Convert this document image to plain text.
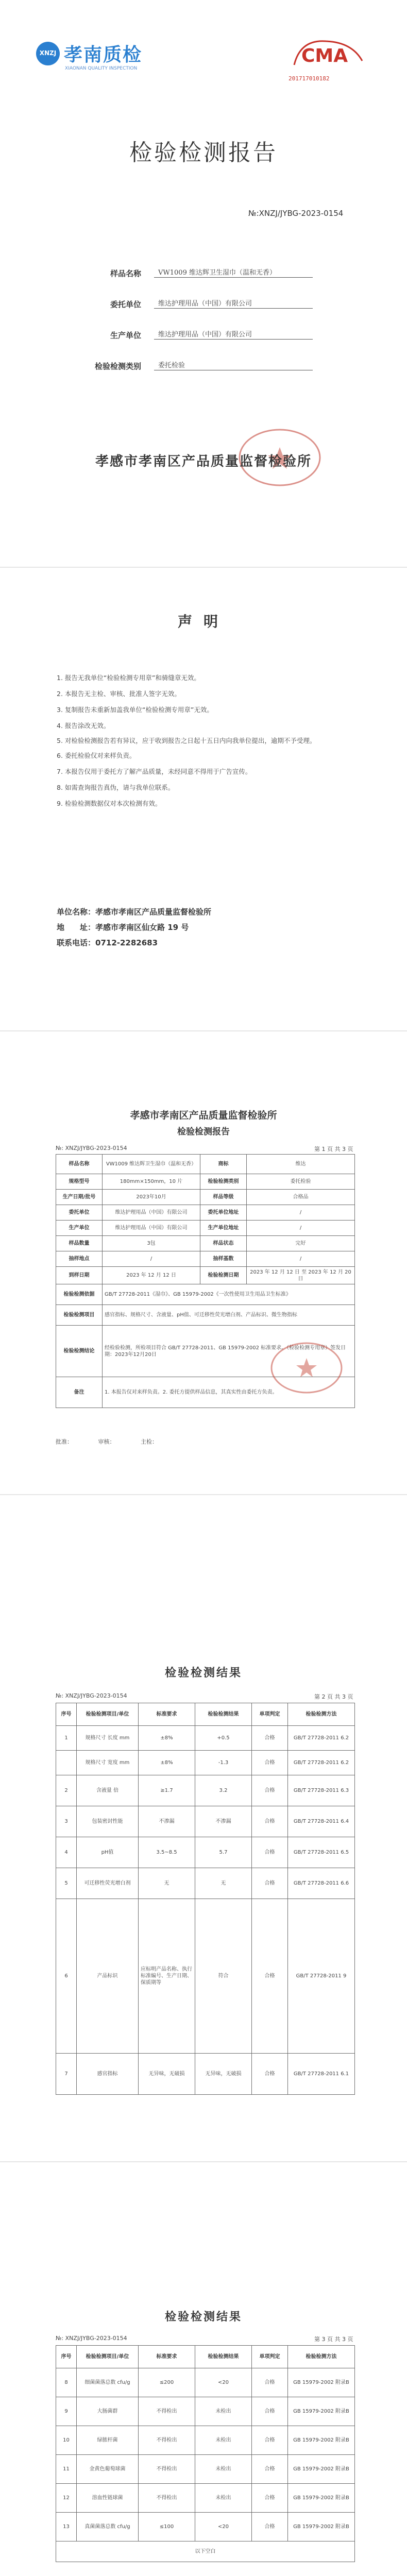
XNZJ 孝南质检
XIAONAN QUALITY INSPECTION
CMA
201717010182
检验检测报告
№:XNZJ/JYBG-2023-0154
样品名称	VW1009 维达辉卫生湿巾（温和无香）
委托单位	维达护理用品（中国）有限公司
生产单位	维达护理用品（中国）有限公司
检验检测类别	委托检验
孝感市孝南区产品质量监督检验所
声明
1. 报告无我单位“检验检测专用章”和骑缝章无效。
2. 本报告无主检、审核、批准人签字无效。
3. 复制报告未重新加盖我单位“检验检测专用章”无效。
4. 报告涂改无效。
5. 对检验检测报告若有异议，应于收到报告之日起十五日内向我单位提出，逾期不予受理。
6. 委托检验仅对来样负责。
7. 本报告仅用于委托方了解产品质量，未经同意不得用于广告宣传。
8. 如需查询报告真伪，请与我单位联系。
9. 检验检测数据仅对本次检测有效。
单位名称：孝感市孝南区产品质量监督检验所
地　　址：孝感市孝南区仙女路 19 号
联系电话：0712-2282683
孝感市孝南区产品质量监督检验所
检验检测报告
№: XNZJ/JYBG-2023-0154	第 1 页 共 3 页
样品名称	VW1009 维达辉卫生湿巾（温和无香）	商标	维达
规格型号	180mm×150mm，10 片	检验检测类别	委托检验
生产日期/批号	2023年10月	样品等级	合格品
委托单位	维达护理用品（中国）有限公司	委托单位地址	/
生产单位	维达护理用品（中国）有限公司	生产单位地址	/
样品数量	3包	样品状态	完好
抽样地点	/	抽样基数	/
到样日期	2023 年 12 月 12 日	检验检测日期	2023 年 12 月 12 日 至 2023 年 12 月 20 日
检验检测依据	GB/T 27728-2011《湿巾》、GB 15979-2002《一次性使用卫生用品卫生标准》		
检验检测项目	感官指标、规格尺寸、含液量、pH值、可迁移性荧光增白剂、产品标识、微生物指标		
检验检测结论	经检验检测，所检项目符合 GB/T 27728-2011、GB 15979-2002 标准要求。（检验检测专用章）签发日期：2023年12月20日		
备注	1. 本报告仅对来样负责。2. 委托方提供样品信息，其真实性由委托方负责。		
批准：　　　　　审核：　　　　　主检：
检验检测结果
№: XNZJ/JYBG-2023-0154	第 2 页 共 3 页
序号	检验检测项目/单位	标准要求	检验检测结果	单项判定	检验检测方法
1	规格尺寸 长度 mm	±8%	+0.5	合格	GB/T 27728-2011 6.2
	规格尺寸 宽度 mm	±8%	-1.3	合格	GB/T 27728-2011 6.2
2	含液量 倍	≥1.7	3.2	合格	GB/T 27728-2011 6.3
3	包装密封性能	不渗漏	不渗漏	合格	GB/T 27728-2011 6.4
4	pH值	3.5~8.5	5.7	合格	GB/T 27728-2011 6.5
5	可迁移性荧光增白剂	无	无	合格	GB/T 27728-2011 6.6
6	产品标识	应标明产品名称、执行标准编号、生产日期、保质期等	符合	合格	GB/T 27728-2011 9
7	感官指标	无异味，无破损	无异味，无破损	合格	GB/T 27728-2011 6.1
检验检测结果
№: XNZJ/JYBG-2023-0154	第 3 页 共 3 页
序号	检验检测项目/单位	标准要求	检验检测结果	单项判定	检验检测方法
8	细菌菌落总数 cfu/g	≤200	<20	合格	GB 15979-2002 附录B
9	大肠菌群	不得检出	未检出	合格	GB 15979-2002 附录B
10	绿脓杆菌	不得检出	未检出	合格	GB 15979-2002 附录B
11	金黄色葡萄球菌	不得检出	未检出	合格	GB 15979-2002 附录B
12	溶血性链球菌	不得检出	未检出	合格	GB 15979-2002 附录B
13	真菌菌落总数 cfu/g	≤100	<20	合格	GB 15979-2002 附录B
以下空白					
